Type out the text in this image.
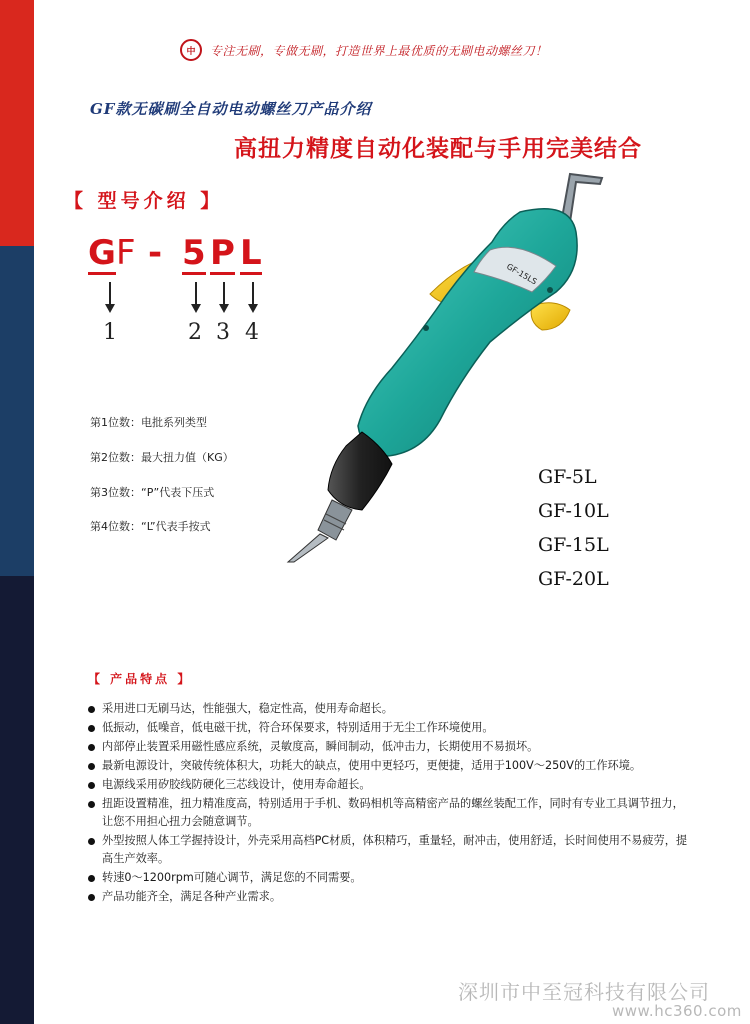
中 专注无刷，专做无刷，打造世界上最优质的无刷电动螺丝刀！
GF款无碳刷全自动电动螺丝刀产品介绍
高扭力精度自动化装配与手用完美结合
【 型号介绍 】
G F - 5 P L
1	2 3 4
第1位数：电批系列类型
第2位数：最大扭力值（KG）
第3位数：“P”代表下压式
第4位数：“L”代表手按式
GF-15LS
GF-5L
GF-10L
GF-15L
GF-20L
【 产品特点 】
采用进口无刷马达，性能强大，稳定性高，使用寿命超长。
低振动，低噪音，低电磁干扰，符合环保要求，特别适用于无尘工作环境使用。
内部停止装置采用磁性感应系统，灵敏度高，瞬间制动，低冲击力，长期使用不易损坏。
最新电源设计，突破传统体积大，功耗大的缺点，使用中更轻巧，更便捷，适用于100V～250V的工作环境。
电源线采用矽胶线防硬化三芯线设计，使用寿命超长。
扭距设置精准，扭力精准度高，特别适用于手机、数码相机等高精密产品的螺丝装配工作，同时有专业工具调节扭力，让您不用担心扭力会随意调节。
外型按照人体工学握持设计，外壳采用高档PC材质，体积精巧，重量轻，耐冲击，使用舒适，长时间使用不易疲劳，提高生产效率。
转速0～1200rpm可随心调节，满足您的不同需要。
产品功能齐全，满足各种产业需求。
深圳市中至冠科技有限公司
www.hc360.com
